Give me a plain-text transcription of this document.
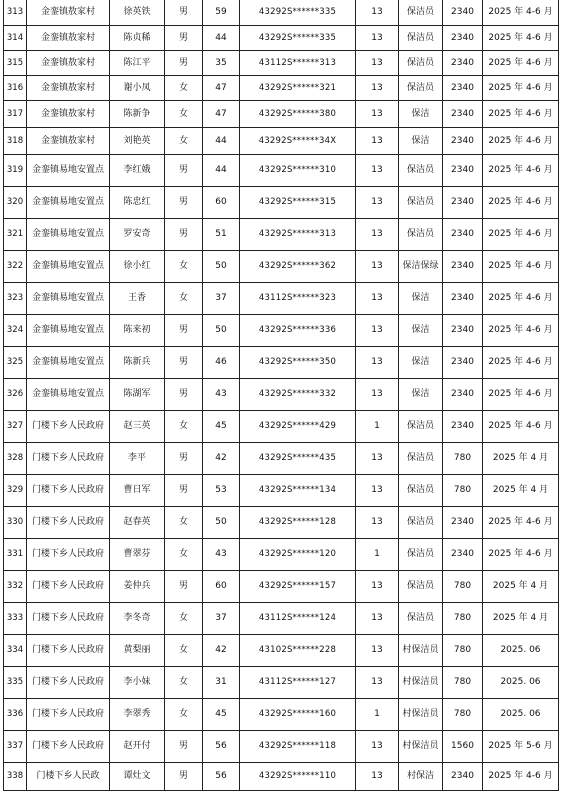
313	金銮镇敖家村	徐英铁	男	59	43292S******335	13	保洁员	2340	2025 年 4-6 月
314	金銮镇敖家村	陈贞稀	男	44	43292S******335	13	保洁员	2340	2025 年 4-6 月
315	金銮镇敖家村	陈江平	男	35	43112S******313	13	保洁员	2340	2025 年 4-6 月
316	金銮镇敖家村	谢小凤	女	47	43292S******321	13	保洁员	2340	2025 年 4-6 月
317	金銮镇敖家村	陈新争	女	47	43292S******380	13	保洁	2340	2025 年 4-6 月
318	金銮镇敖家村	刘艳英	女	44	43292S******34X	13	保洁	2340	2025 年 4-6 月
319	金銮镇易地安置点	李红娥	男	44	43292S******310	13	保洁员	2340	2025 年 4-6 月
320	金銮镇易地安置点	陈忠红	男	60	43292S******315	13	保洁员	2340	2025 年 4-6 月
321	金銮镇易地安置点	罗安奇	男	51	43292S******313	13	保洁员	2340	2025 年 4-6 月
322	金銮镇易地安置点	徐小红	女	50	43292S******362	13	保洁保绿	2340	2025 年 4-6 月
323	金銮镇易地安置点	王香	女	37	43112S******323	13	保洁	2340	2025 年 4-6 月
324	金銮镇易地安置点	陈来初	男	50	43292S******336	13	保洁	2340	2025 年 4-6 月
325	金銮镇易地安置点	陈新兵	男	46	43292S******350	13	保洁	2340	2025 年 4-6 月
326	金銮镇易地安置点	陈湖军	男	43	43292S******332	13	保洁	2340	2025 年 4-6 月
327	门楼下乡人民政府	赵三英	女	45	43292S******429	1	保洁员	2340	2025 年 4-6 月
328	门楼下乡人民政府	李平	男	42	43292S******435	13	保洁员	780	2025 年 4 月
329	门楼下乡人民政府	曹日军	男	53	43292S******134	13	保洁员	780	2025 年 4 月
330	门楼下乡人民政府	赵春英	女	50	43292S******128	13	保洁员	2340	2025 年 4-6 月
331	门楼下乡人民政府	曹翠芬	女	43	43292S******120	1	保洁员	2340	2025 年 4-6 月
332	门楼下乡人民政府	姜仲兵	男	60	43292S******157	13	保洁员	780	2025 年 4 月
333	门楼下乡人民政府	李冬奇	女	37	43112S******124	13	保洁员	780	2025 年 4 月
334	门楼下乡人民政府	黄梨丽	女	42	43102S******228	13	村保洁员	780	2025. 06
335	门楼下乡人民政府	李小妹	女	31	43112S******127	13	村保洁员	780	2025. 06
336	门楼下乡人民政府	李翠秀	女	45	43292S******160	1	村保洁员	780	2025. 06
337	门楼下乡人民政府	赵开付	男	56	43292S******118	13	村保洁员	1560	2025 年 5-6 月
338	门楼下乡人民政	谭灶文	男	56	43292S******110	13	村保洁	2340	2025 年 4-6 月
